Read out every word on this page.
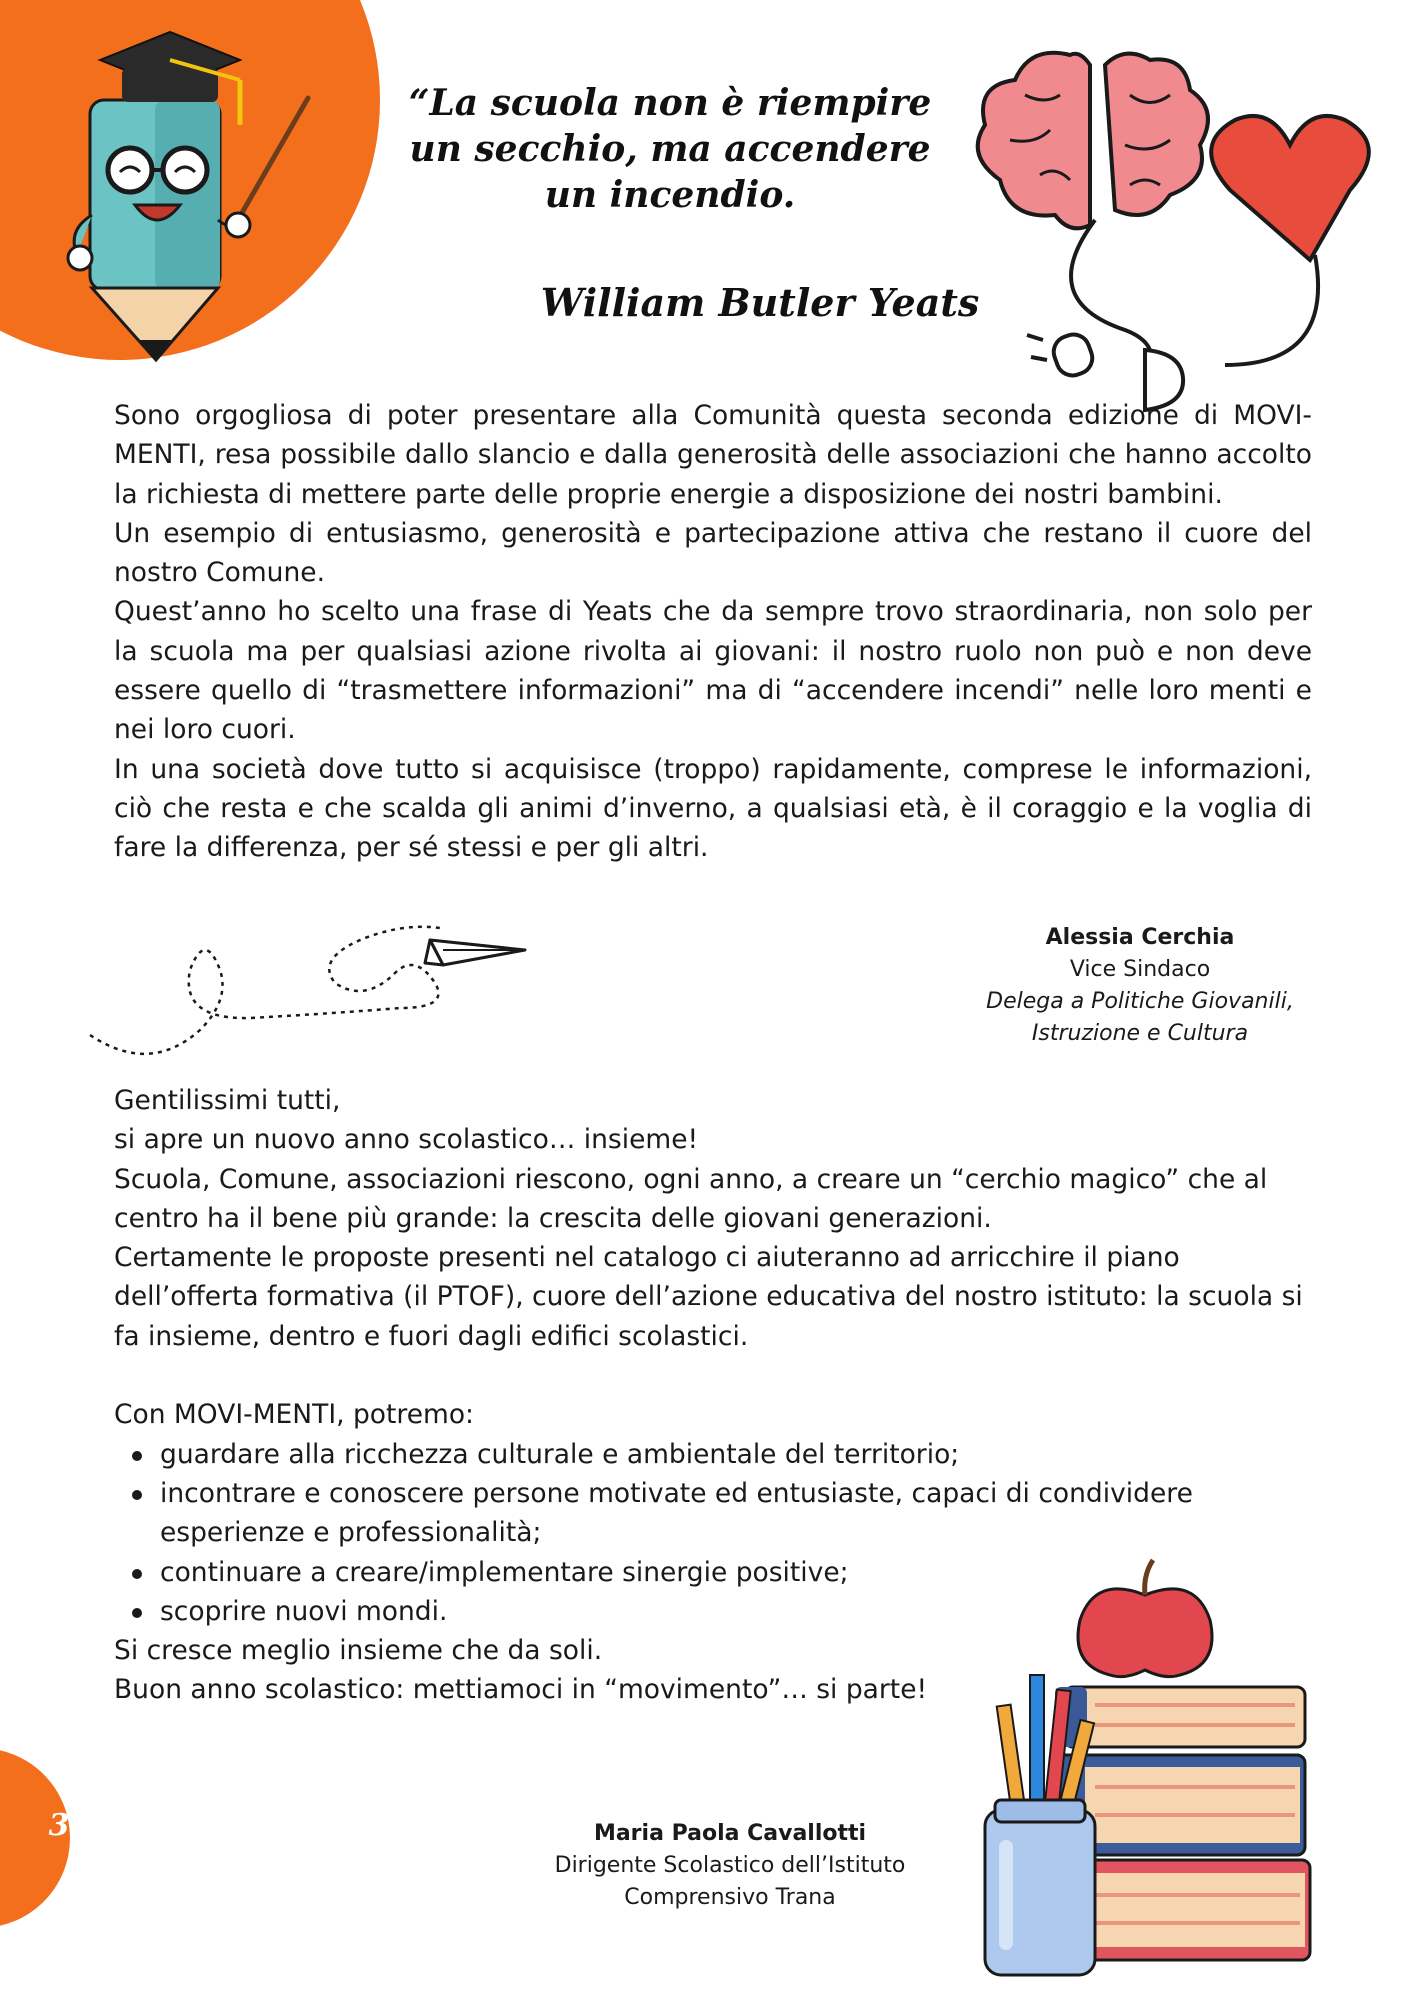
3
“La scuola non è riempire un secchio, ma accendere un incendio.
William Butler Yeats

Sono orgogliosa di poter presentare alla Comunità questa seconda edizione di MOVI-MENTI, resa possibile dallo slancio e dalla generosità delle associazioni che hanno accolto la richiesta di mettere parte delle proprie energie a disposizione dei nostri bambini.

Un esempio di entusiasmo, generosità e partecipazione attiva che restano il cuore del nostro Comune.

Quest’anno ho scelto una frase di Yeats che da sempre trovo straordinaria, non solo per la scuola ma per qualsiasi azione rivolta ai giovani: il nostro ruolo non può e non deve essere quello di “trasmettere informazioni” ma di “accendere incendi” nelle loro menti e nei loro cuori.

In una società dove tutto si acquisisce (troppo) rapidamente, comprese le informazioni, ciò che resta e che scalda gli animi d’inverno, a qualsiasi età, è il coraggio e la voglia di fare la differenza, per sé stessi e per gli altri.

Alessia Cerchia
Vice Sindaco
Delega a Politiche Giovanili,
Istruzione e Cultura

Gentilissimi tutti,

si apre un nuovo anno scolastico… insieme!

Scuola, Comune, associazioni riescono, ogni anno, a creare un “cerchio magico” che al centro ha il bene più grande: la crescita delle giovani generazioni.

Certamente le proposte presenti nel catalogo ci aiuteranno ad arricchire il piano dell’offerta formativa (il PTOF), cuore dell’azione educativa del nostro istituto: la scuola si fa insieme, dentro e fuori dagli edifici scolastici.

Con MOVI-MENTI, potremo:

guardare alla ricchezza culturale e ambientale del territorio;
incontrare e conoscere persone motivate ed entusiaste, capaci di condividere esperienze e professionalità;
continuare a creare/implementare sinergie positive;
scoprire nuovi mondi.

Si cresce meglio insieme che da soli.

Buon anno scolastico: mettiamoci in “movimento”… si parte!

Maria Paola Cavallotti
Dirigente Scolastico dell’Istituto
Comprensivo Trana
